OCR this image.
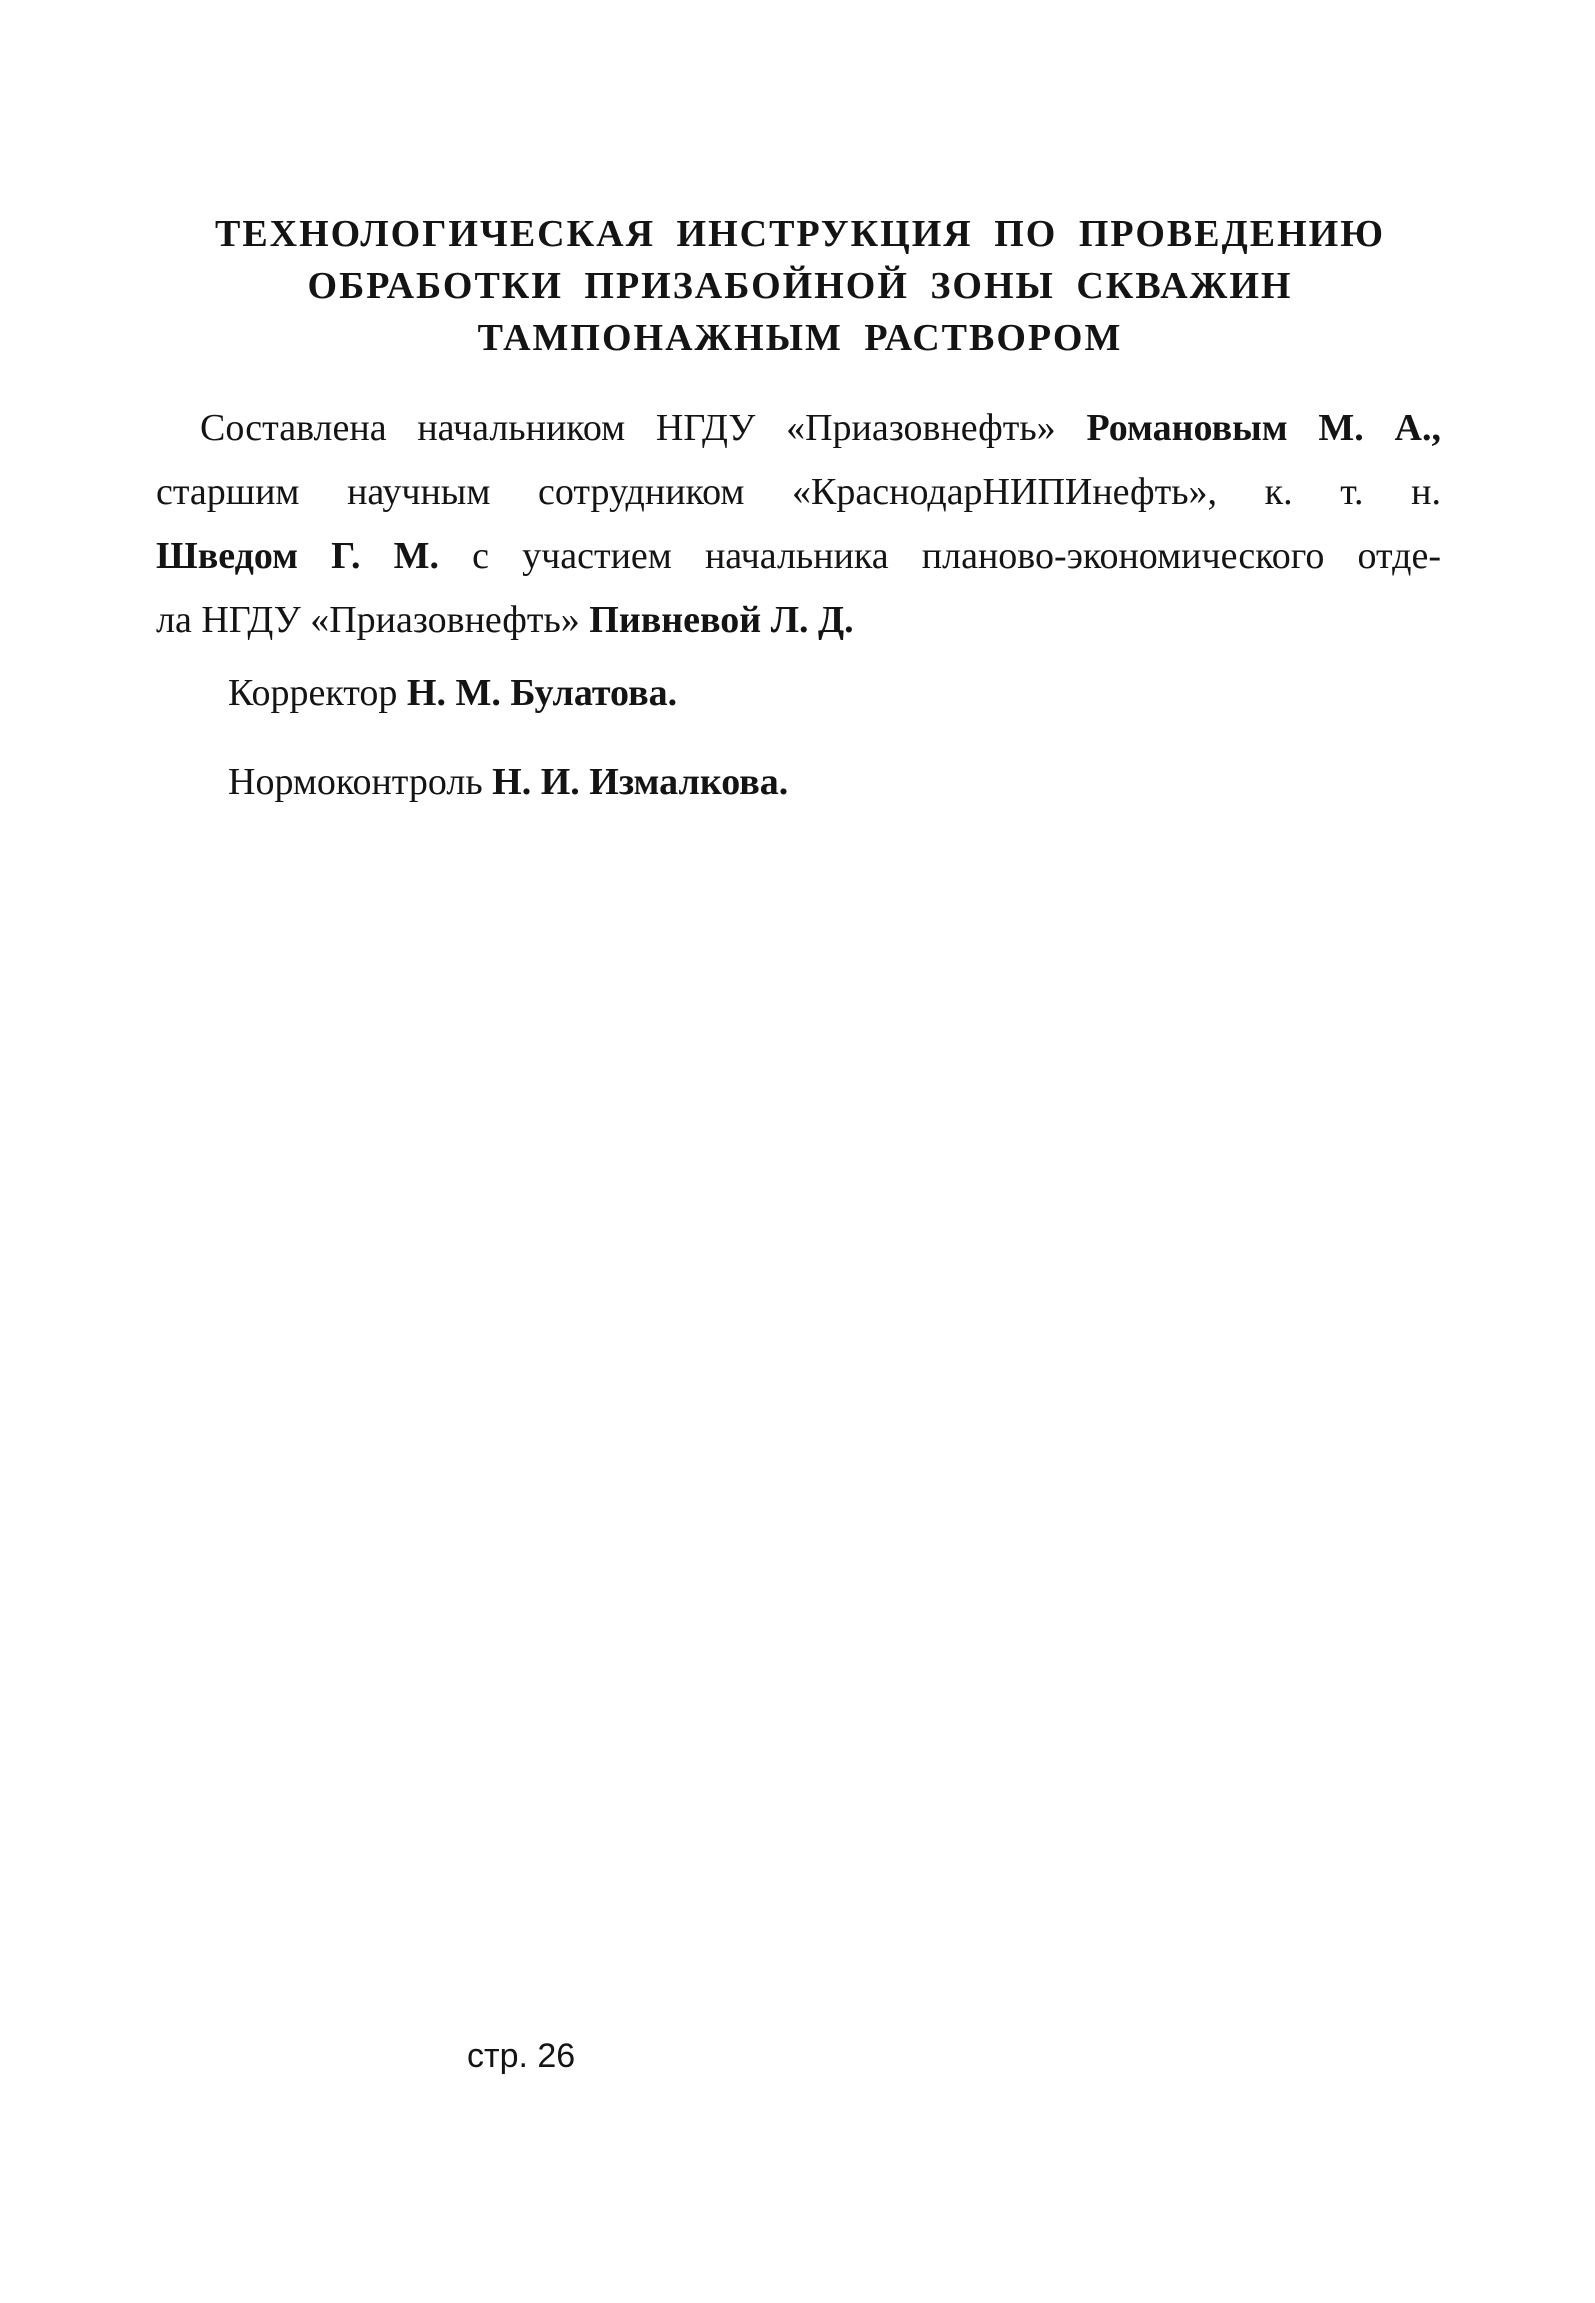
ТЕХНОЛОГИЧЕСКАЯ ИНСТРУКЦИЯ ПО ПРОВЕДЕНИЮ
ОБРАБОТКИ ПРИЗАБОЙНОЙ ЗОНЫ СКВАЖИН
ТАМПОНАЖНЫМ РАСТВОРОМ
Составлена начальником НГДУ «Приазовнефть» Романовым М. А.,
старшим научным сотрудником «КраснодарНИПИнефть», к. т. н.
Шведом Г. М. с участием начальника планово-экономического отде-
ла НГДУ «Приазовнефть» Пивневой Л. Д.
Корректор Н. М. Булатова.
Нормоконтроль Н. И. Измалкова.
стр. 26
